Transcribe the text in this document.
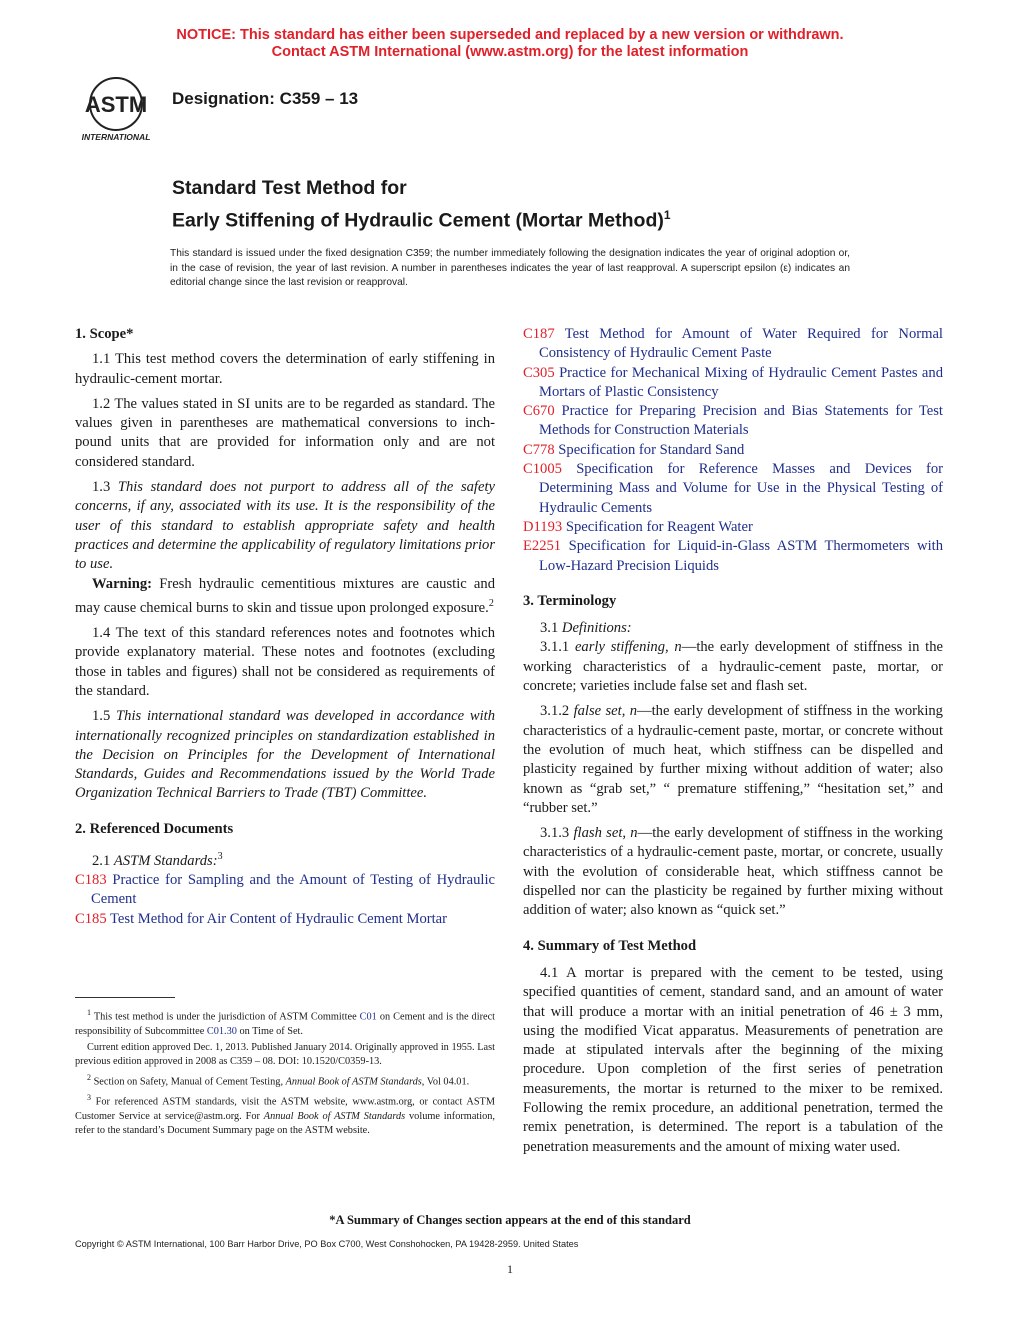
NOTICE: This standard has either been superseded and replaced by a new version or withdrawn.
Contact ASTM International (www.astm.org) for the latest information
ASTM
INTERNATIONAL
Designation: C359 – 13
Standard Test Method for
Early Stiffening of Hydraulic Cement (Mortar Method)$^1$
This standard is issued under the fixed designation C359; the number immediately following the designation indicates the year of original adoption or, in the case of revision, the year of last revision. A number in parentheses indicates the year of last reapproval. A superscript epsilon (ε) indicates an editorial change since the last revision or reapproval.

1. Scope*

1.1 This test method covers the determination of early stiffening in hydraulic-cement mortar.

1.2 The values stated in SI units are to be regarded as standard. The values given in parentheses are mathematical conversions to inch-pound units that are provided for information only and are not considered standard.

1.3 This standard does not purport to address all of the safety concerns, if any, associated with its use. It is the responsibility of the user of this standard to establish appropriate safety and health practices and determine the applicability of regulatory limitations prior to use.

Warning: Fresh hydraulic cementitious mixtures are caustic and may cause chemical burns to skin and tissue upon prolonged exposure.$^2$

1.4 The text of this standard references notes and footnotes which provide explanatory material. These notes and footnotes (excluding those in tables and figures) shall not be considered as requirements of the standard.

1.5 This international standard was developed in accordance with internationally recognized principles on standardization established in the Decision on Principles for the Development of International Standards, Guides and Recommendations issued by the World Trade Organization Technical Barriers to Trade (TBT) Committee.

2. Referenced Documents

2.1 ASTM Standards:$^3$

C183 Practice for Sampling and the Amount of Testing of Hydraulic Cement

C185 Test Method for Air Content of Hydraulic Cement Mortar

C187 Test Method for Amount of Water Required for Normal Consistency of Hydraulic Cement Paste

C305 Practice for Mechanical Mixing of Hydraulic Cement Pastes and Mortars of Plastic Consistency

C670 Practice for Preparing Precision and Bias Statements for Test Methods for Construction Materials

C778 Specification for Standard Sand

C1005 Specification for Reference Masses and Devices for Determining Mass and Volume for Use in the Physical Testing of Hydraulic Cements

D1193 Specification for Reagent Water

E2251 Specification for Liquid-in-Glass ASTM Thermometers with Low-Hazard Precision Liquids

3. Terminology

3.1 Definitions:

3.1.1 early stiffening, n—the early development of stiffness in the working characteristics of a hydraulic-cement paste, mortar, or concrete; varieties include false set and flash set.

3.1.2 false set, n—the early development of stiffness in the working characteristics of a hydraulic-cement paste, mortar, or concrete without the evolution of much heat, which stiffness can be dispelled and plasticity regained by further mixing without addition of water; also known as “grab set,” “ premature stiffening,” “hesitation set,” and “rubber set.”

3.1.3 flash set, n—the early development of stiffness in the working characteristics of a hydraulic-cement paste, mortar, or concrete, usually with the evolution of considerable heat, which stiffness cannot be dispelled nor can the plasticity be regained by further mixing without addition of water; also known as “quick set.”

4. Summary of Test Method

4.1 A mortar is prepared with the cement to be tested, using specified quantities of cement, standard sand, and an amount of water that will produce a mortar with an initial penetration of 46 ± 3 mm, using the modified Vicat apparatus. Measurements of penetration are made at stipulated intervals after the beginning of the mixing procedure. Upon completion of the first series of penetration measurements, the mortar is returned to the mixer to be remixed. Following the remix procedure, an additional penetration, termed the remix penetration, is determined. The report is a tabulation of the penetration measurements and the amount of mixing water used.

$^1$ This test method is under the jurisdiction of ASTM Committee C01 on Cement and is the direct responsibility of Subcommittee C01.30 on Time of Set.

Current edition approved Dec. 1, 2013. Published January 2014. Originally approved in 1955. Last previous edition approved in 2008 as C359 – 08. DOI: 10.1520/C0359-13.

$^2$ Section on Safety, Manual of Cement Testing, Annual Book of ASTM Standards, Vol 04.01.

$^3$ For referenced ASTM standards, visit the ASTM website, www.astm.org, or contact ASTM Customer Service at service@astm.org. For Annual Book of ASTM Standards volume information, refer to the standard’s Document Summary page on the ASTM website.

*A Summary of Changes section appears at the end of this standard
Copyright © ASTM International, 100 Barr Harbor Drive, PO Box C700, West Conshohocken, PA 19428-2959. United States
1
